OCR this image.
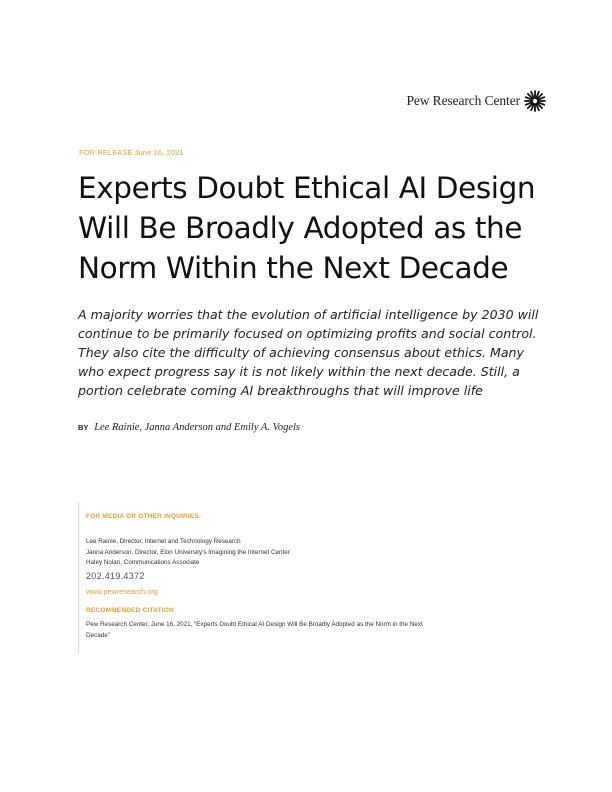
Pew Research Center
FOR RELEASE June 16, 2021
Experts Doubt Ethical AI Design
Will Be Broadly Adopted as the
Norm Within the Next Decade
A majority worries that the evolution of artificial intelligence by 2030 will
continue to be primarily focused on optimizing profits and social control.
They also cite the difficulty of achieving consensus about ethics. Many
who expect progress say it is not likely within the next decade. Still, a
portion celebrate coming AI breakthroughs that will improve life
BY Lee Rainie, Janna Anderson and Emily A. Vogels
FOR MEDIA OR OTHER INQUIRIES:
Lee Rainie, Director, Internet and Technology Research
Janna Anderson, Director, Elon University's Imagining the Internet Center
Haley Nolan, Communications Associate
202.419.4372
www.pewresearch.org
RECOMMENDED CITATION
Pew Research Center, June 16, 2021, “Experts Doubt Ethical AI Design Will Be Broadly Adopted as the Norm in the Next Decade”
